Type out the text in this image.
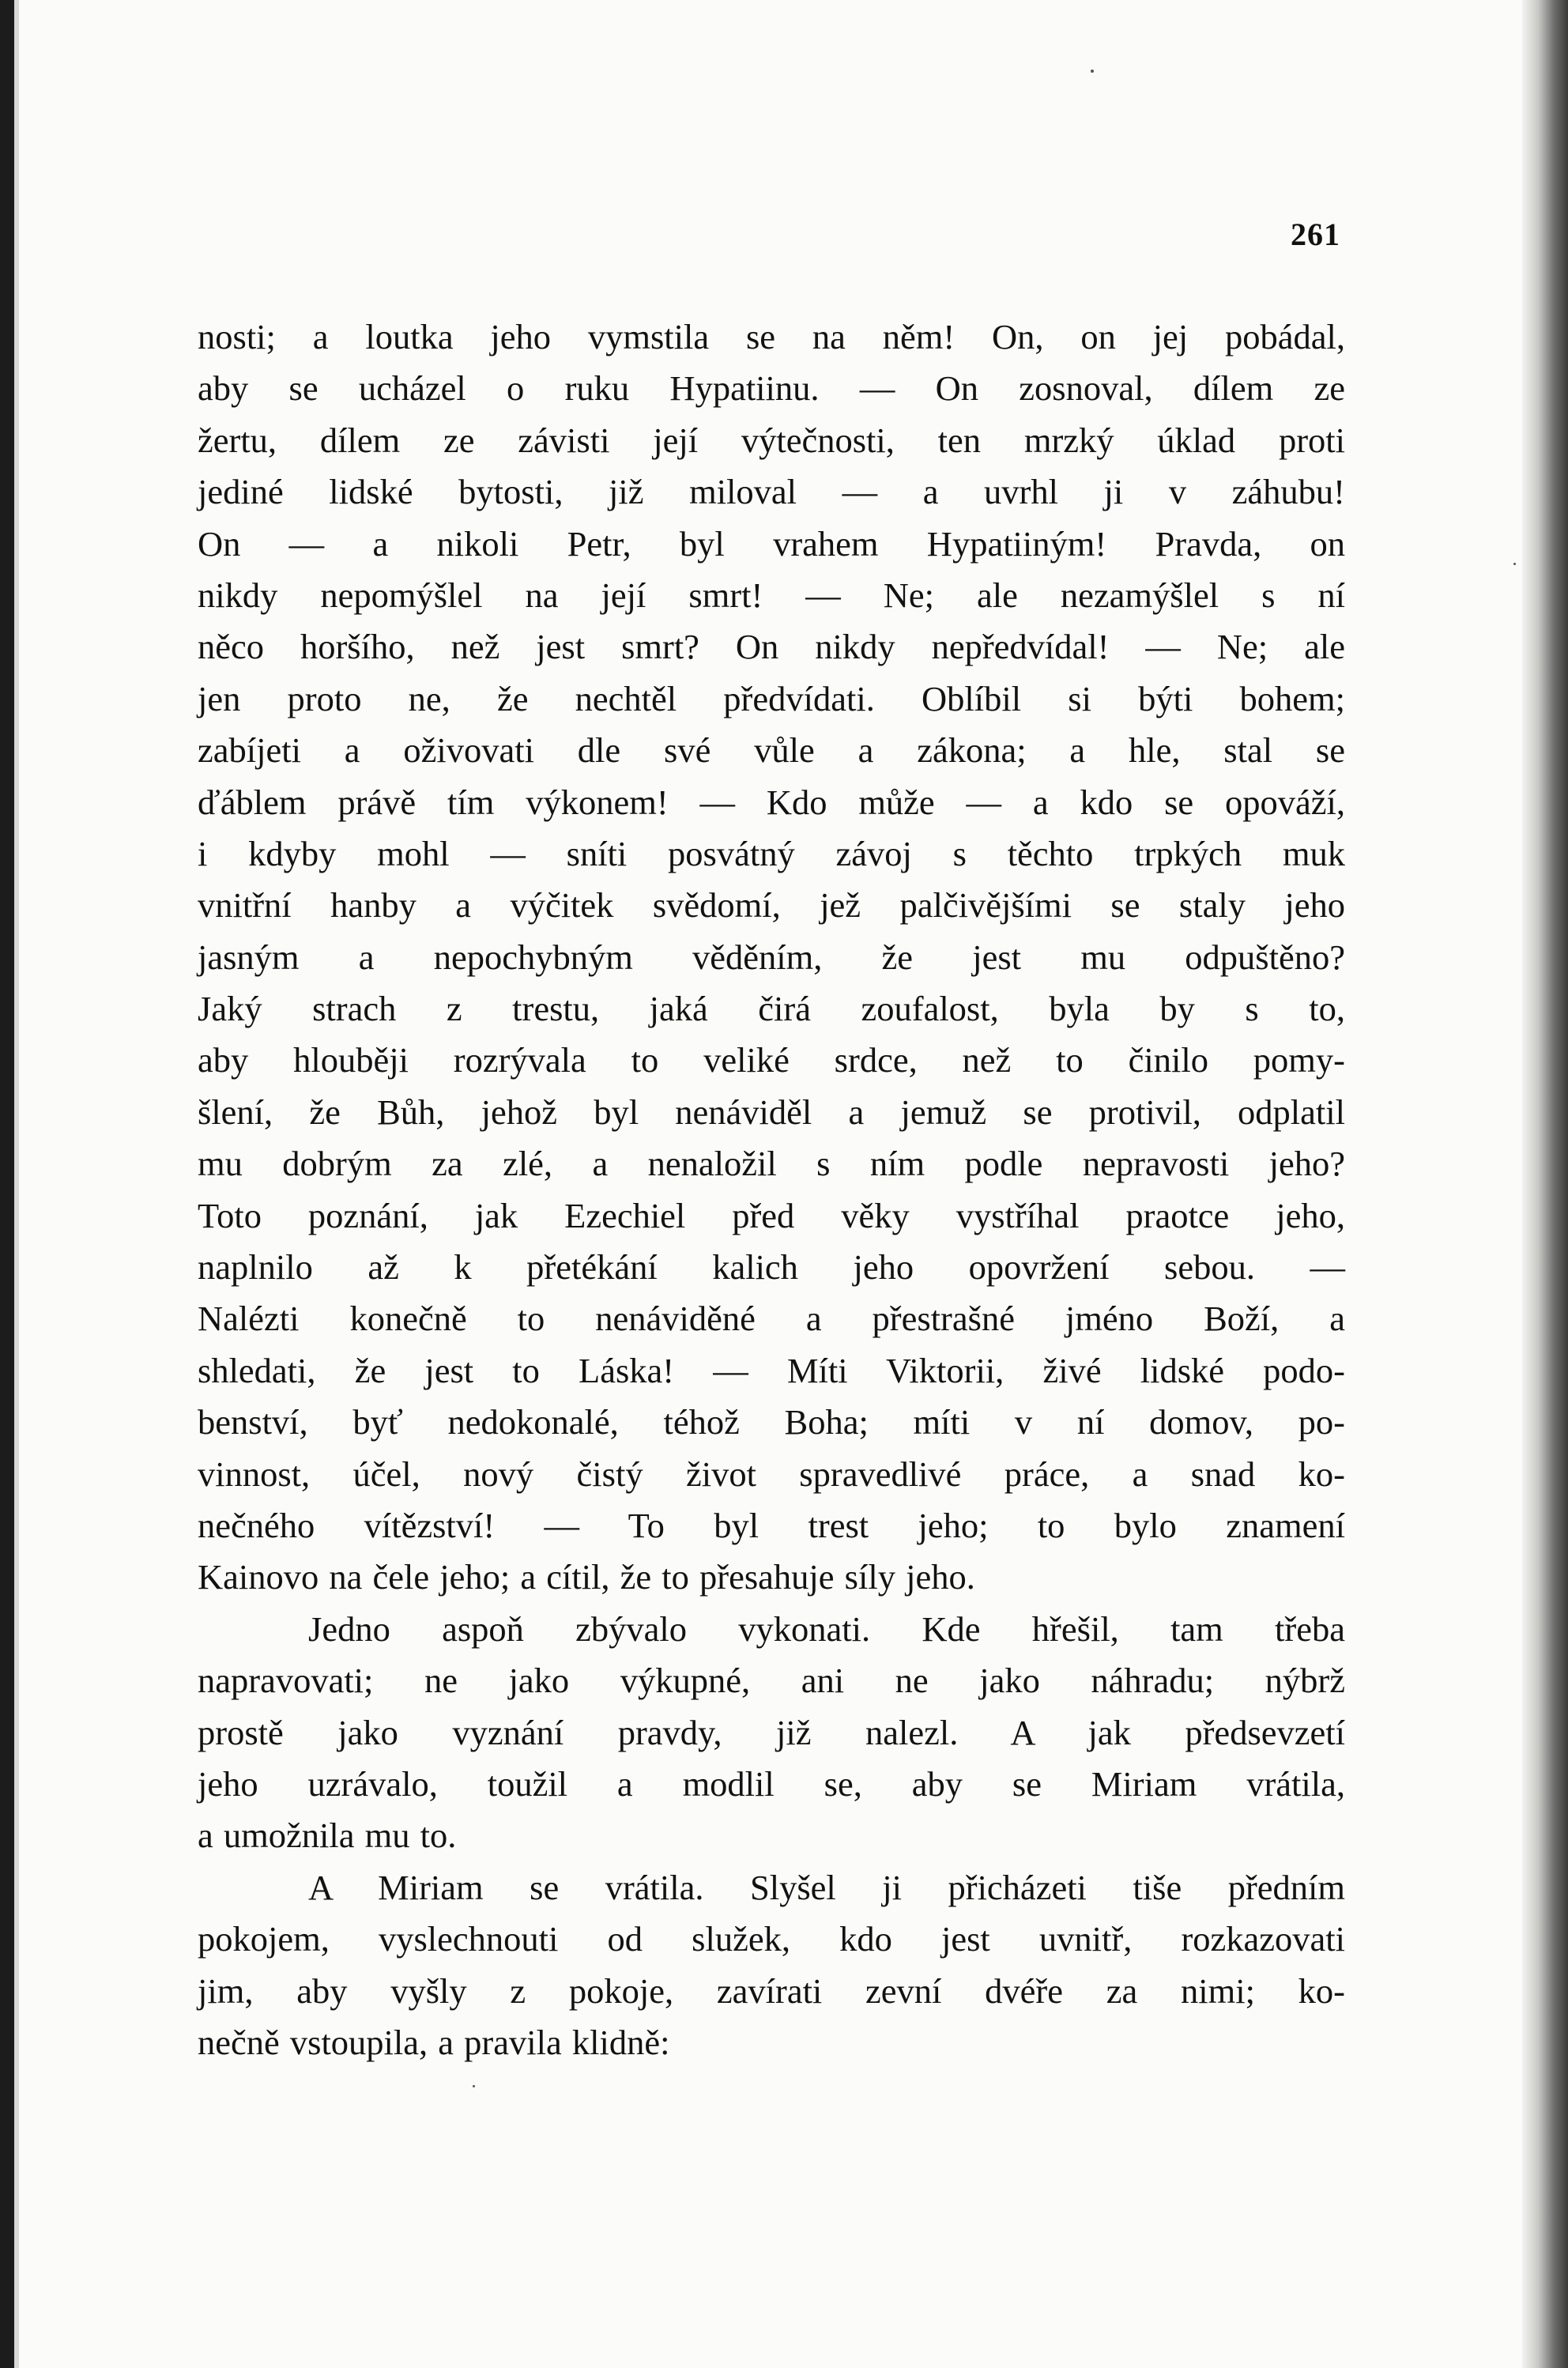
261
nosti; a loutka jeho vymstila se na něm! On, on jej pobádal,
aby se ucházel o ruku Hypatiinu. — On zosnoval, dílem ze
žertu, dílem ze závisti její výtečnosti, ten mrzký úklad proti
jediné lidské bytosti, již miloval — a uvrhl ji v záhubu!
On — a nikoli Petr, byl vrahem Hypatiiným! Pravda, on
nikdy nepomýšlel na její smrt! — Ne; ale nezamýšlel s ní
něco horšího, než jest smrt? On nikdy nepředvídal! — Ne; ale
jen proto ne, že nechtěl předvídati. Oblíbil si býti bohem;
zabíjeti a oživovati dle své vůle a zákona; a hle, stal se
ďáblem právě tím výkonem! — Kdo může — a kdo se opováží,
i kdyby mohl — sníti posvátný závoj s těchto trpkých muk
vnitřní hanby a výčitek svědomí, jež palčivějšími se staly jeho
jasným a nepochybným věděním, že jest mu odpuštěno?
Jaký strach z trestu, jaká čirá zoufalost, byla by s to,
aby hlouběji rozrývala to veliké srdce, než to činilo pomy-
šlení, že Bůh, jehož byl nenáviděl a jemuž se protivil, odplatil
mu dobrým za zlé, a nenaložil s ním podle nepravosti jeho?
Toto poznání, jak Ezechiel před věky vystříhal praotce jeho,
naplnilo až k přetékání kalich jeho opovržení sebou. —
Nalézti konečně to nenáviděné a přestrašné jméno Boží, a
shledati, že jest to Láska! — Míti Viktorii, živé lidské podo-
benství, byť nedokonalé, téhož Boha; míti v ní domov, po-
vinnost, účel, nový čistý život spravedlivé práce, a snad ko-
nečného vítězství! — To byl trest jeho; to bylo znamení
Kainovo na čele jeho; a cítil, že to přesahuje síly jeho.
Jedno aspoň zbývalo vykonati. Kde hřešil, tam třeba
napravovati; ne jako výkupné, ani ne jako náhradu; nýbrž
prostě jako vyznání pravdy, již nalezl. A jak předsevzetí
jeho uzrávalo, toužil a modlil se, aby se Miriam vrátila,
a umožnila mu to.
A Miriam se vrátila. Slyšel ji přicházeti tiše předním
pokojem, vyslechnouti od služek, kdo jest uvnitř, rozkazovati
jim, aby vyšly z pokoje, zavírati zevní dvéře za nimi; ko-
nečně vstoupila, a pravila klidně:
